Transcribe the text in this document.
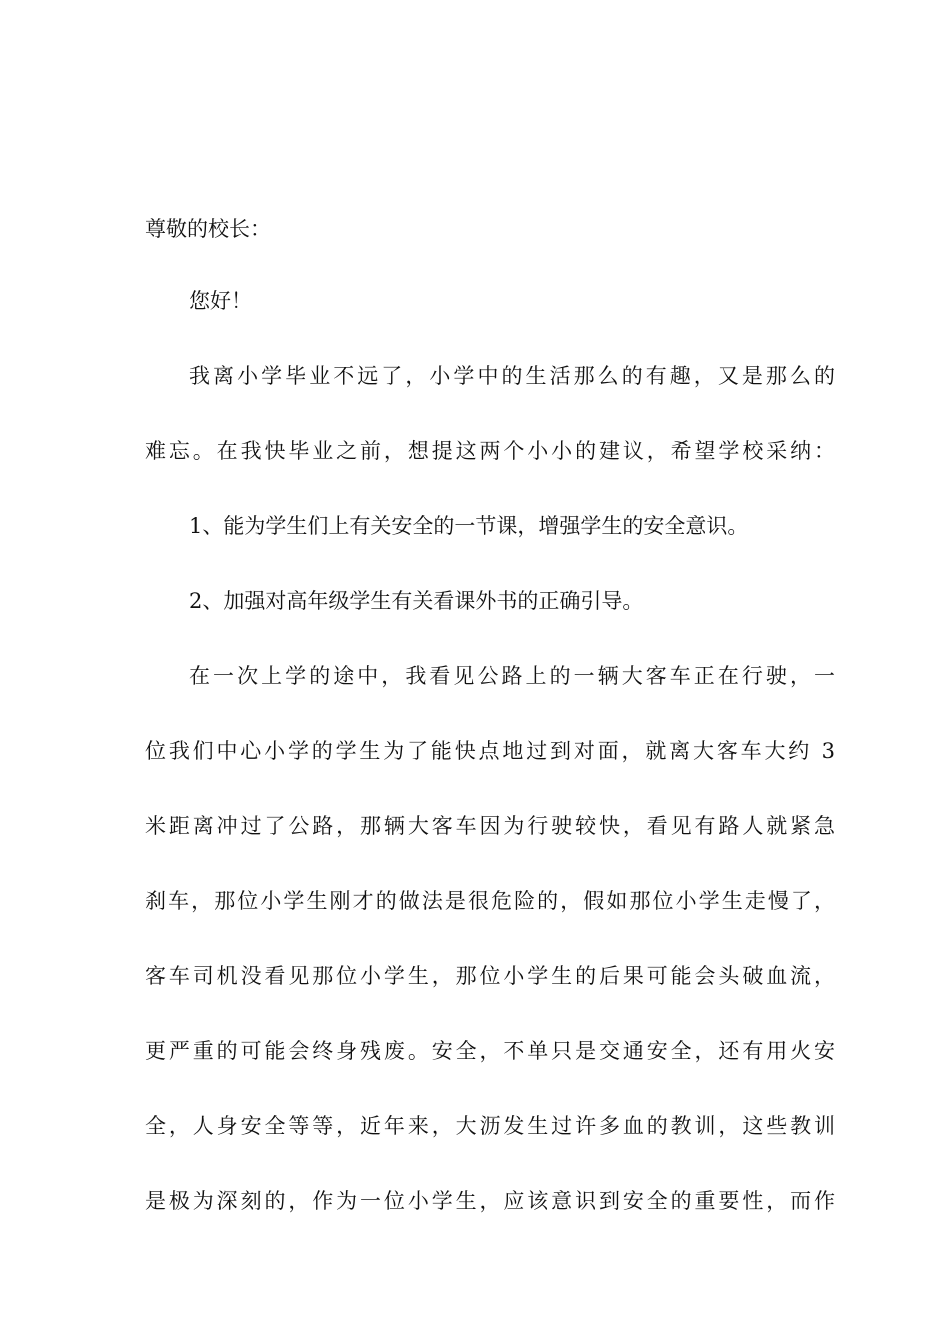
尊敬的校长：
您好！
我离小学毕业不远了，小学中的生活那么的有趣，又是那么的
难忘。在我快毕业之前，想提这两个小小的建议，希望学校采纳：
1、能为学生们上有关安全的一节课，增强学生的安全意识。
2、加强对高年级学生有关看课外书的正确引导。
在一次上学的途中，我看见公路上的一辆大客车正在行驶，一
位我们中心小学的学生为了能快点地过到对面，就离大客车大约 3
米距离冲过了公路，那辆大客车因为行驶较快，看见有路人就紧急
刹车，那位小学生刚才的做法是很危险的，假如那位小学生走慢了，
客车司机没看见那位小学生，那位小学生的后果可能会头破血流，
更严重的可能会终身残废。安全，不单只是交通安全，还有用火安
全，人身安全等等，近年来，大沥发生过许多血的教训，这些教训
是极为深刻的，作为一位小学生，应该意识到安全的重要性，而作
